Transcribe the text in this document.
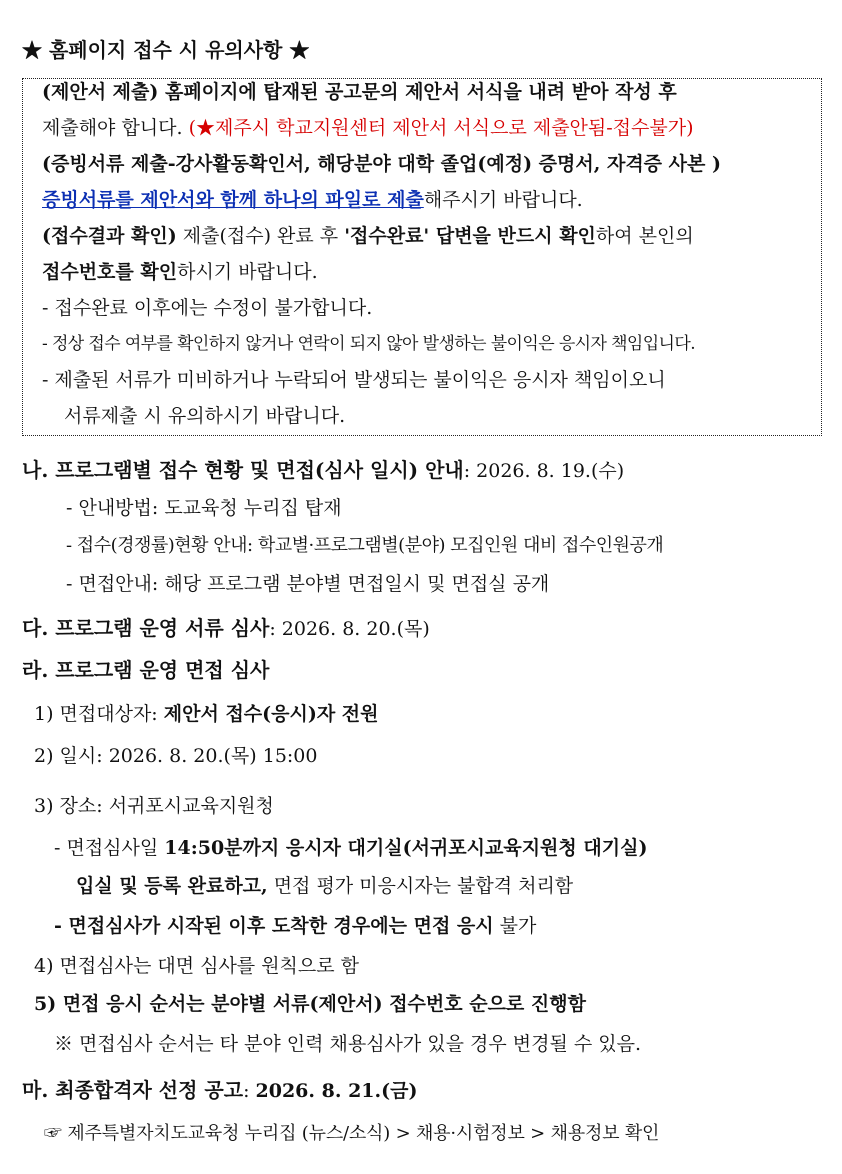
★ 홈페이지 접수 시 유의사항 ★
(제안서 제출) 홈페이지에 탑재된 공고문의 제안서 서식을 내려 받아 작성 후
제출해야 합니다. (★제주시 학교지원센터 제안서 서식으로 제출안됨-접수불가)
(증빙서류 제출-강사활동확인서, 해당분야 대학 졸업(예정) 증명서, 자격증 사본 )
증빙서류를 제안서와 함께 하나의 파일로 제출해주시기 바랍니다.
(접수결과 확인) 제출(접수) 완료 후 '접수완료' 답변을 반드시 확인하여 본인의
접수번호를 확인하시기 바랍니다.
- 접수완료 이후에는 수정이 불가합니다.
- 정상 접수 여부를 확인하지 않거나 연락이 되지 않아 발생하는 불이익은 응시자 책임입니다.
- 제출된 서류가 미비하거나 누락되어 발생되는 불이익은 응시자 책임이오니
서류제출 시 유의하시기 바랍니다.
나. 프로그램별 접수 현황 및 면접(심사 일시) 안내: 2026. 8. 19.(수)
- 안내방법: 도교육청 누리집 탑재
- 접수(경쟁률)현황 안내: 학교별·프로그램별(분야) 모집인원 대비 접수인원공개
- 면접안내: 해당 프로그램 분야별 면접일시 및 면접실 공개
다. 프로그램 운영 서류 심사: 2026. 8. 20.(목)
라. 프로그램 운영 면접 심사
1) 면접대상자: 제안서 접수(응시)자 전원
2) 일시: 2026. 8. 20.(목) 15:00
3) 장소: 서귀포시교육지원청
- 면접심사일 14:50분까지 응시자 대기실(서귀포시교육지원청 대기실)
입실 및 등록 완료하고, 면접 평가 미응시자는 불합격 처리함
- 면접심사가 시작된 이후 도착한 경우에는 면접 응시 불가
4) 면접심사는 대면 심사를 원칙으로 함
5) 면접 응시 순서는 분야별 서류(제안서) 접수번호 순으로 진행함
※ 면접심사 순서는 타 분야 인력 채용심사가 있을 경우 변경될 수 있음.
마. 최종합격자 선정 공고: 2026. 8. 21.(금)
☞ 제주특별자치도교육청 누리집 (뉴스/소식) > 채용·시험정보 > 채용정보 확인
